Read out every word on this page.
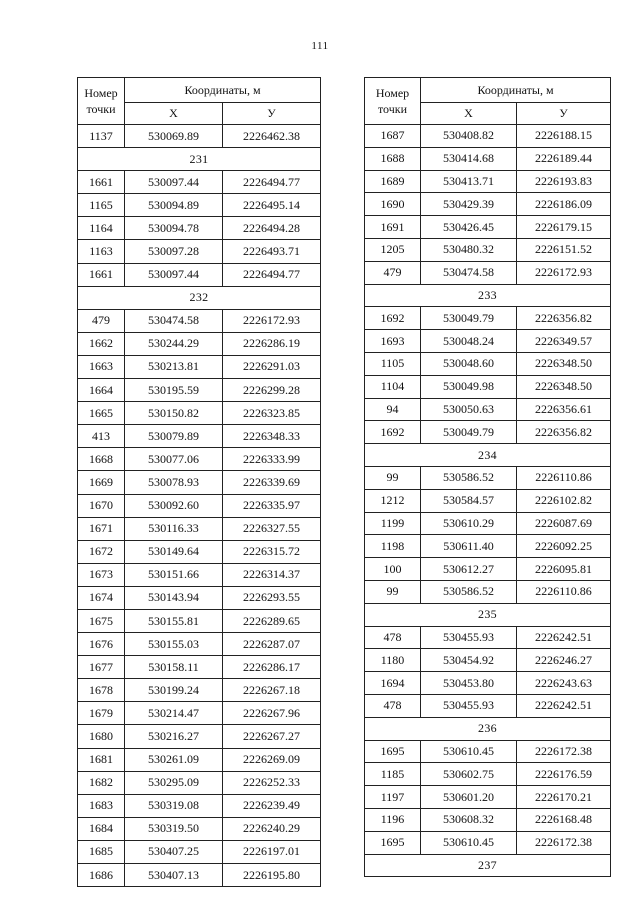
111
Номер
точки	Координаты, м	
	Х	У
1137	530069.89	2226462.38
231		
1661	530097.44	2226494.77
1165	530094.89	2226495.14
1164	530094.78	2226494.28
1163	530097.28	2226493.71
1661	530097.44	2226494.77
232		
479	530474.58	2226172.93
1662	530244.29	2226286.19
1663	530213.81	2226291.03
1664	530195.59	2226299.28
1665	530150.82	2226323.85
413	530079.89	2226348.33
1668	530077.06	2226333.99
1669	530078.93	2226339.69
1670	530092.60	2226335.97
1671	530116.33	2226327.55
1672	530149.64	2226315.72
1673	530151.66	2226314.37
1674	530143.94	2226293.55
1675	530155.81	2226289.65
1676	530155.03	2226287.07
1677	530158.11	2226286.17
1678	530199.24	2226267.18
1679	530214.47	2226267.96
1680	530216.27	2226267.27
1681	530261.09	2226269.09
1682	530295.09	2226252.33
1683	530319.08	2226239.49
1684	530319.50	2226240.29
1685	530407.25	2226197.01
1686	530407.13	2226195.80
Номер
точки	Координаты, м	
	Х	У
1687	530408.82	2226188.15
1688	530414.68	2226189.44
1689	530413.71	2226193.83
1690	530429.39	2226186.09
1691	530426.45	2226179.15
1205	530480.32	2226151.52
479	530474.58	2226172.93
233		
1692	530049.79	2226356.82
1693	530048.24	2226349.57
1105	530048.60	2226348.50
1104	530049.98	2226348.50
94	530050.63	2226356.61
1692	530049.79	2226356.82
234		
99	530586.52	2226110.86
1212	530584.57	2226102.82
1199	530610.29	2226087.69
1198	530611.40	2226092.25
100	530612.27	2226095.81
99	530586.52	2226110.86
235		
478	530455.93	2226242.51
1180	530454.92	2226246.27
1694	530453.80	2226243.63
478	530455.93	2226242.51
236		
1695	530610.45	2226172.38
1185	530602.75	2226176.59
1197	530601.20	2226170.21
1196	530608.32	2226168.48
1695	530610.45	2226172.38
237		
